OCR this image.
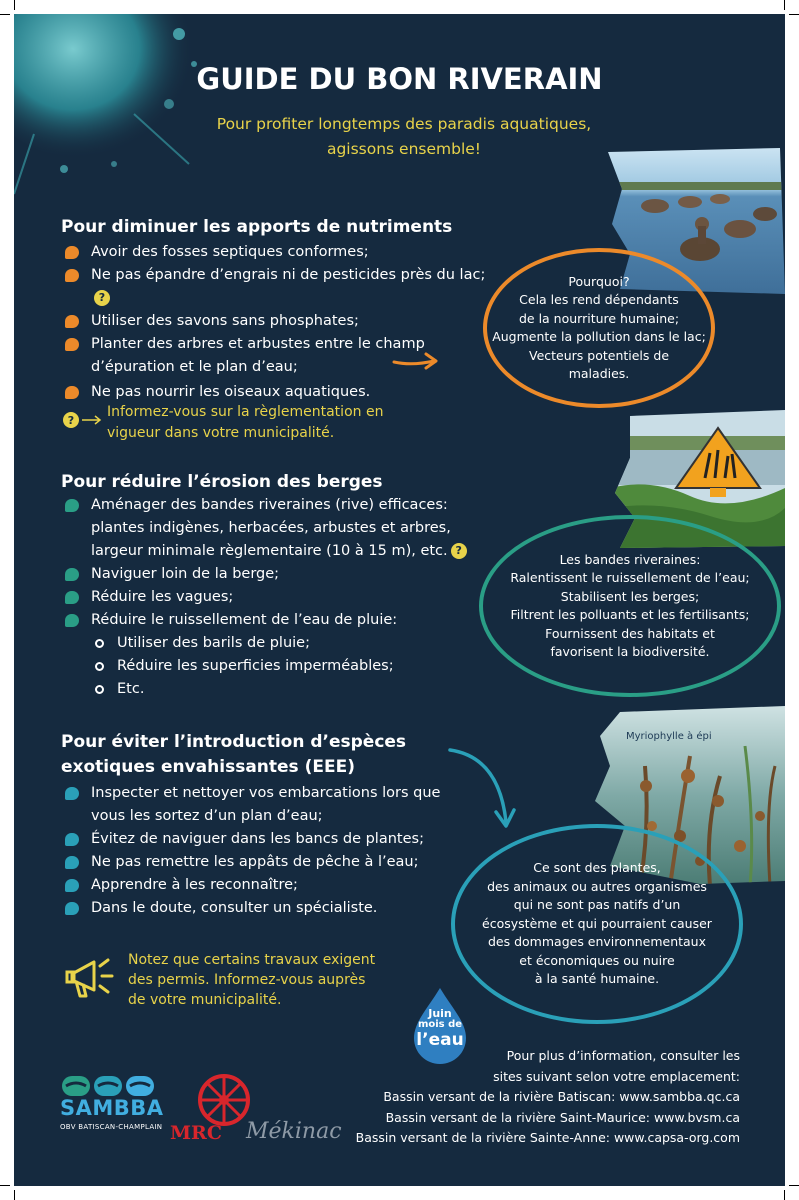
GUIDE DU BON RIVERAIN
Pour profiter longtemps des paradis aquatiques,
agissons ensemble!
Pour diminuer les apports de nutriments
Avoir des fosses septiques conformes;
Ne pas épandre d’engrais ni de pesticides près du lac;?
Utiliser des savons sans phosphates;
Planter des arbres et arbustes entre le champ d’épuration et le plan d’eau;
Ne pas nourrir les oiseaux aquatiques.
?
Informez-vous sur la règlementation en
vigueur dans votre municipalité.
Pourquoi?
Cela les rend dépendants
de la nourriture humaine;
Augmente la pollution dans le lac;
Vecteurs potentiels de
maladies.
Pour réduire l’érosion des berges
Aménager des bandes riveraines (rive) efficaces: plantes indigènes, herbacées, arbustes et arbres, largeur minimale règlementaire (10 à 15 m), etc. ?
Naviguer loin de la berge;
Réduire les vagues;
Réduire le ruissellement de l’eau de pluie:
Utiliser des barils de pluie;
Réduire les superficies imperméables;
Etc.
Les bandes riveraines:
Ralentissent le ruissellement de l’eau;
Stabilisent les berges;
Filtrent les polluants et les fertilisants;
Fournissent des habitats et
favorisent la biodiversité.
Pour éviter l’introduction d’espèces
exotiques envahissantes (EEE)
Inspecter et nettoyer vos embarcations lors que vous les sortez d’un plan d’eau;
Évitez de naviguer dans les bancs de plantes;
Ne pas remettre les appâts de pêche à l’eau;
Apprendre à les reconnaître;
Dans le doute, consulter un spécialiste.
Myriophylle à épi
Ce sont des plantes,
des animaux ou autres organismes
qui ne sont pas natifs d’un
écosystème et qui pourraient causer
des dommages environnementaux
et économiques ou nuire
à la santé humaine.
Notez que certains travaux exigent
des permis. Informez-vous auprès
de votre municipalité.
Juin
mois de
l’eau
Pour plus d’information, consulter les
sites suivant selon votre emplacement:
Bassin versant de la rivière Batiscan: www.sambba.qc.ca
Bassin versant de la rivière Saint-Maurice: www.bvsm.ca
Bassin versant de la rivière Sainte-Anne: www.capsa-org.com
SAMBBA
OBV BATISCAN-CHAMPLAIN MRC Mékinac
